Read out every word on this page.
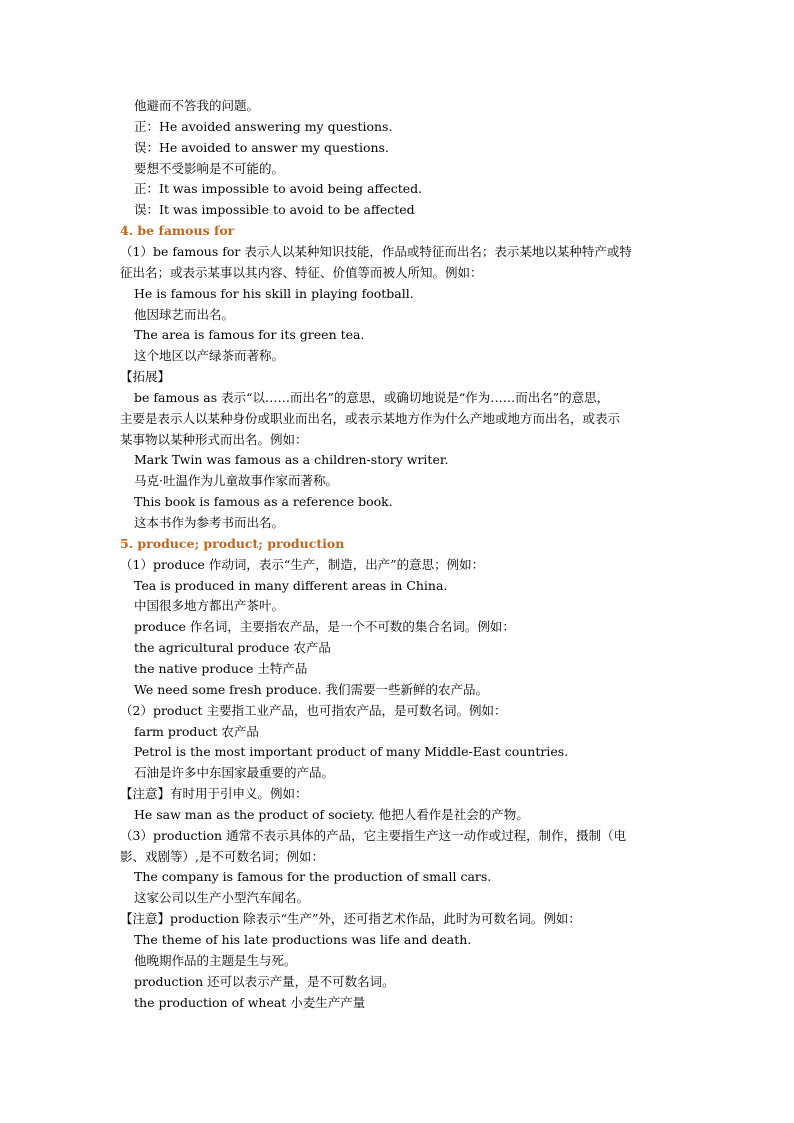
他避而不答我的问题。
正：He avoided answering my questions.
误：He avoided to answer my questions.
要想不受影响是不可能的。
正：It was impossible to avoid being affected.
误：It was impossible to avoid to be affected
4. be famous for
（1）be famous for 表示人以某种知识技能，作品或特征而出名；表示某地以某种特产或特
征出名；或表示某事以其内容、特征、价值等而被人所知。例如：
He is famous for his skill in playing football.
他因球艺而出名。
The area is famous for its green tea.
这个地区以产绿茶而著称。
【拓展】
be famous as 表示“以……而出名”的意思，或确切地说是“作为……而出名”的意思，
主要是表示人以某种身份或职业而出名，或表示某地方作为什么产地或地方而出名，或表示
某事物以某种形式而出名。例如：
Mark Twin was famous as a children-story writer.
马克·吐温作为儿童故事作家而著称。
This book is famous as a reference book.
这本书作为参考书而出名。
5. produce; product; production
（1）produce 作动词，表示“生产，制造，出产”的意思；例如：
Tea is produced in many different areas in China.
中国很多地方都出产茶叶。
produce 作名词，主要指农产品，是一个不可数的集合名词。例如：
the agricultural produce 农产品
the native produce 土特产品
We need some fresh produce. 我们需要一些新鲜的农产品。
（2）product 主要指工业产品，也可指农产品，是可数名词。例如：
farm product 农产品
Petrol is the most important product of many Middle-East countries.
石油是许多中东国家最重要的产品。
【注意】有时用于引申义。例如：
He saw man as the product of society. 他把人看作是社会的产物。
（3）production 通常不表示具体的产品，它主要指生产这一动作或过程，制作，摄制（电
影、戏剧等）,是不可数名词；例如：
The company is famous for the production of small cars.
这家公司以生产小型汽车闻名。
【注意】production 除表示“生产”外，还可指艺术作品，此时为可数名词。例如：
The theme of his late productions was life and death.
他晚期作品的主题是生与死。
production 还可以表示产量，是不可数名词。
the production of wheat 小麦生产产量
